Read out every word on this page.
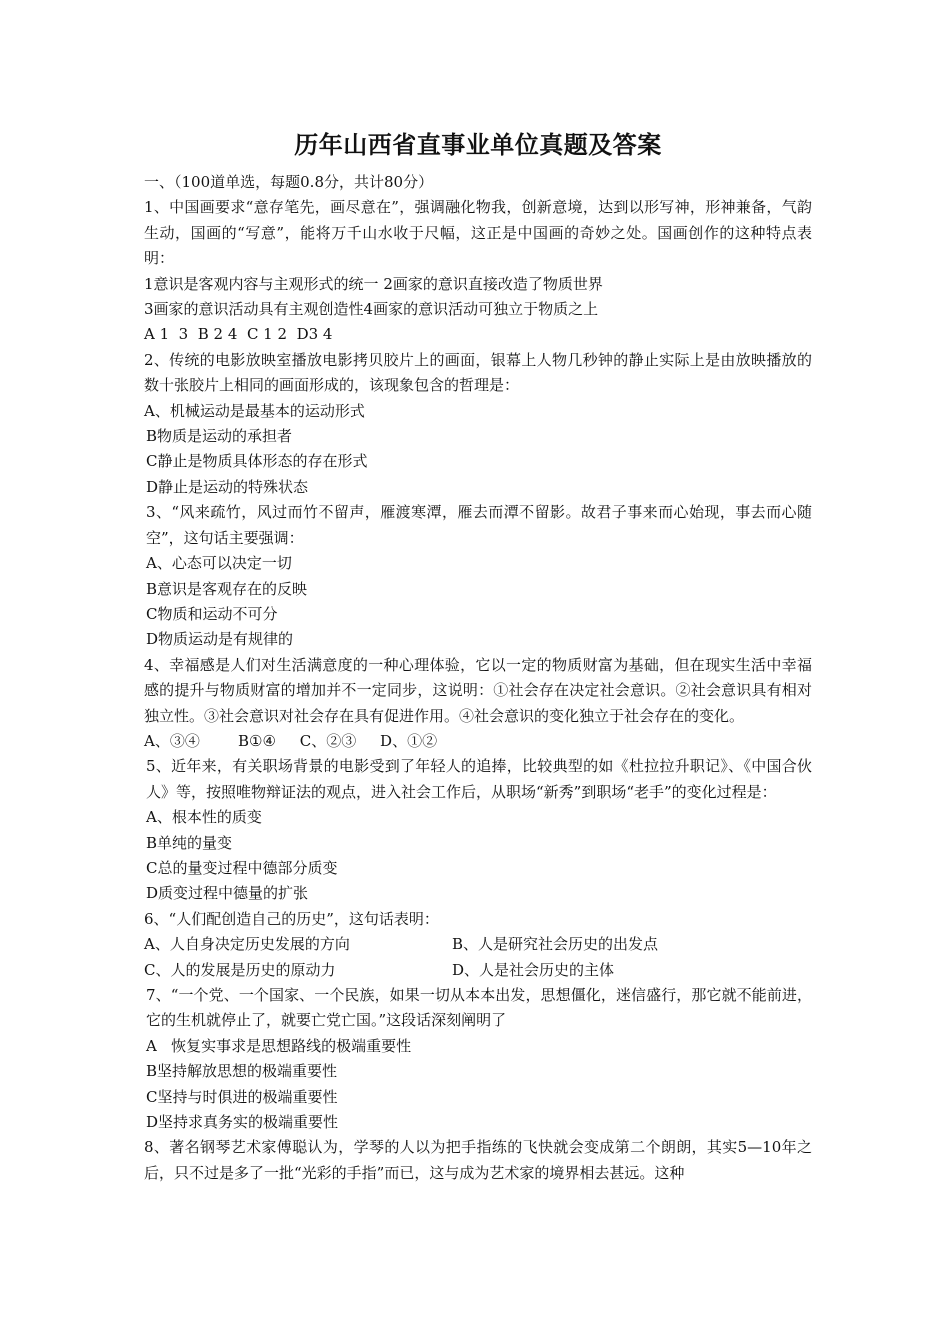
历年山西省直事业单位真题及答案

一、（100道单选，每题0.8分，共计80分）

1、中国画要求“意存笔先，画尽意在”，强调融化物我，创新意境，达到以形写神，形神兼备，气韵生动，国画的“写意”，能将万千山水收于尺幅，这正是中国画的奇妙之处。国画创作的这种特点表明：

1意识是客观内容与主观形式的统一 2画家的意识直接改造了物质世界

3画家的意识活动具有主观创造性4画家的意识活动可独立于物质之上

A 1  3  B 2 4  C 1 2  D3 4

2、传统的电影放映室播放电影拷贝胶片上的画面，银幕上人物几秒钟的静止实际上是由放映播放的数十张胶片上相同的画面形成的，该现象包含的哲理是：

A、机械运动是最基本的运动形式

B物质是运动的承担者

C静止是物质具体形态的存在形式

D静止是运动的特殊状态

3、“风来疏竹，风过而竹不留声，雁渡寒潭，雁去而潭不留影。故君子事来而心始现，事去而心随空”，这句话主要强调：

A、心态可以决定一切

B意识是客观存在的反映

C物质和运动不可分

D物质运动是有规律的

4、幸福感是人们对生活满意度的一种心理体验，它以一定的物质财富为基础，但在现实生活中幸福感的提升与物质财富的增加并不一定同步，这说明：①社会存在决定社会意识。②社会意识具有相对独立性。③社会意识对社会存在具有促进作用。④社会意识的变化独立于社会存在的变化。

A、③④        B①④     C、②③     D、①②

5、近年来，有关职场背景的电影受到了年轻人的追捧，比较典型的如《杜拉拉升职记》、《中国合伙人》等，按照唯物辩证法的观点，进入社会工作后，从职场“新秀”到职场“老手”的变化过程是：

A、根本性的质变

B单纯的量变

C总的量变过程中德部分质变

D质变过程中德量的扩张

6、“人们配创造自己的历史”，这句话表明：

A、人自身决定历史发展的方向	B、人是研究社会历史的出发点
C、人的发展是历史的原动力	D、人是社会历史的主体

7、“一个党、一个国家、一个民族，如果一切从本本出发，思想僵化，迷信盛行，那它就不能前进，它的生机就停止了，就要亡党亡国。”这段话深刻阐明了

A   恢复实事求是思想路线的极端重要性

B坚持解放思想的极端重要性

C坚持与时俱进的极端重要性

D坚持求真务实的极端重要性

8、著名钢琴艺术家傅聪认为，学琴的人以为把手指练的飞快就会变成第二个朗朗，其实5—10年之后，只不过是多了一批“光彩的手指”而已，这与成为艺术家的境界相去甚远。这种
